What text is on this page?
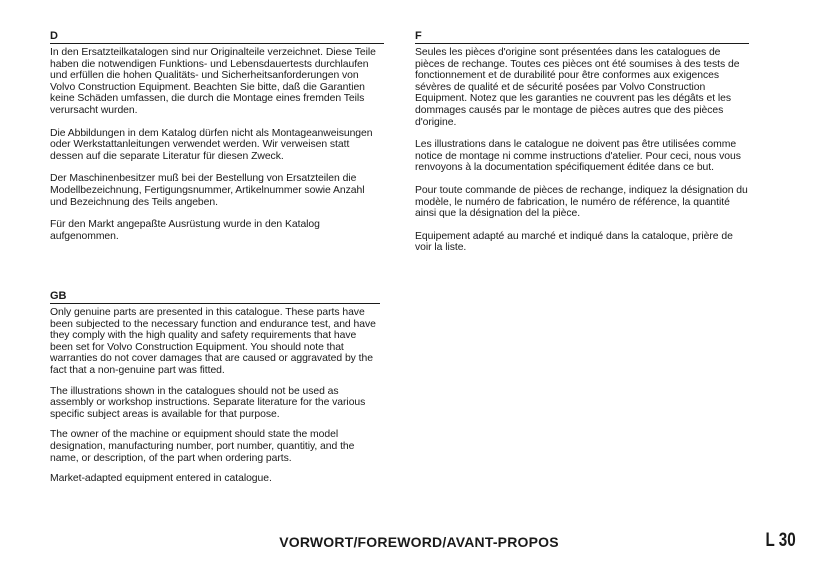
D

In den Ersatzteilkatalogen sind nur Originalteile verzeichnet. Diese Teile haben die notwendigen Funktions- und Lebensdauertests durchlaufen und erfüllen die hohen Qualitäts- und Sicherheitsanforderungen von Volvo Construction Equipment. Beachten Sie bitte, daß die Garantien keine Schäden umfassen, die durch die Montage eines fremden Teils verursacht wurden.

Die Abbildungen in dem Katalog dürfen nicht als Montageanweisungen oder Werkstattanleitungen verwendet werden. Wir verweisen statt dessen auf die separate Literatur für diesen Zweck.

Der Maschinenbesitzer muß bei der Bestellung von Ersatzteilen die Modellbezeichnung, Fertigungsnummer, Artikelnummer sowie Anzahl und Bezeichnung des Teils angeben.

Für den Markt angepaßte Ausrüstung wurde in den Katalog aufgenommen.

GB

Only genuine parts are presented in this catalogue. These parts have been subjected to the necessary function and endurance test, and have they comply with the high quality and safety requirements that have been set for Volvo Construction Equipment. You should note that warranties do not cover damages that are caused or aggravated by the fact that a non-genuine part was fitted.

The illustrations shown in the catalogues should not be used as assembly or workshop instructions. Separate literature for the various specific subject areas is available for that purpose.

The owner of the machine or equipment should state the model designation, manufacturing number, port number, quantitiy, and the name, or description, of the part when ordering parts.

Market-adapted equipment entered in catalogue.

F

Seules les pièces d'origine sont présentées dans les catalogues de pièces de rechange. Toutes ces pièces ont été soumises à des tests de fonctionnement et de durabilité pour être conformes aux exigences sévères de qualité et de sécurité posées par Volvo Construction Equipment. Notez que les garanties ne couvrent pas les dégâts et les dommages causés par le montage de pièces autres que des pièces d'origine.

Les illustrations dans le catalogue ne doivent pas être utilisées comme notice de montage ni comme instructions d'atelier. Pour ceci, nous vous renvoyons à la documentation spécifiquement éditée dans ce but.

Pour toute commande de pièces de rechange, indiquez la désignation du modèle, le numéro de fabrication, le numéro de référence, la quantité ainsi que la désignation del la pièce.

Equipement adapté au marché et indiqué dans la cataloque, prière de voir la liste.

VORWORT/FOREWORD/AVANT-PROPOS	L 30
